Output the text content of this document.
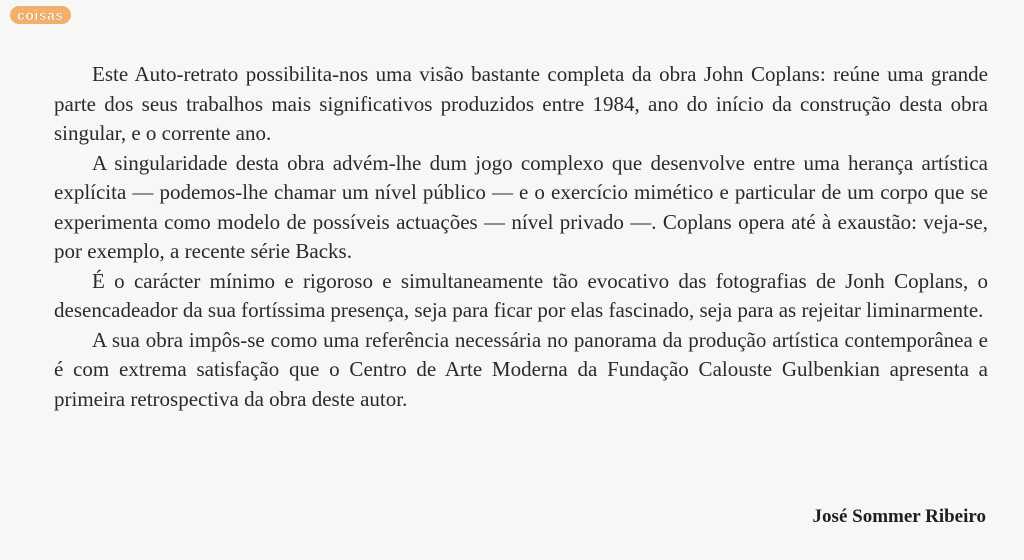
coisas

Este Auto-retrato possibilita-nos uma visão bastante completa da obra John Coplans: reúne uma grande parte dos seus trabalhos mais significativos produzidos entre 1984, ano do início da construção desta obra singular, e o corrente ano.

A singularidade desta obra advém-lhe dum jogo complexo que desenvolve entre uma herança artística explícita — podemos-lhe chamar um nível público — e o exercício mimético e particular de um corpo que se experimenta como modelo de possíveis actuações — nível privado —. Coplans opera até à exaustão: veja-se, por exemplo, a recente série Backs.

É o carácter mínimo e rigoroso e simultaneamente tão evocativo das fotografias de Jonh Coplans, o desencadeador da sua fortíssima presença, seja para ficar por elas fascinado, seja para as rejeitar liminarmente.

A sua obra impôs-se como uma referência necessária no panorama da produção artística contemporânea e é com extrema satisfação que o Centro de Arte Moderna da Fundação Calouste Gulbenkian apresenta a primeira retrospectiva da obra deste autor.

José Sommer Ribeiro
